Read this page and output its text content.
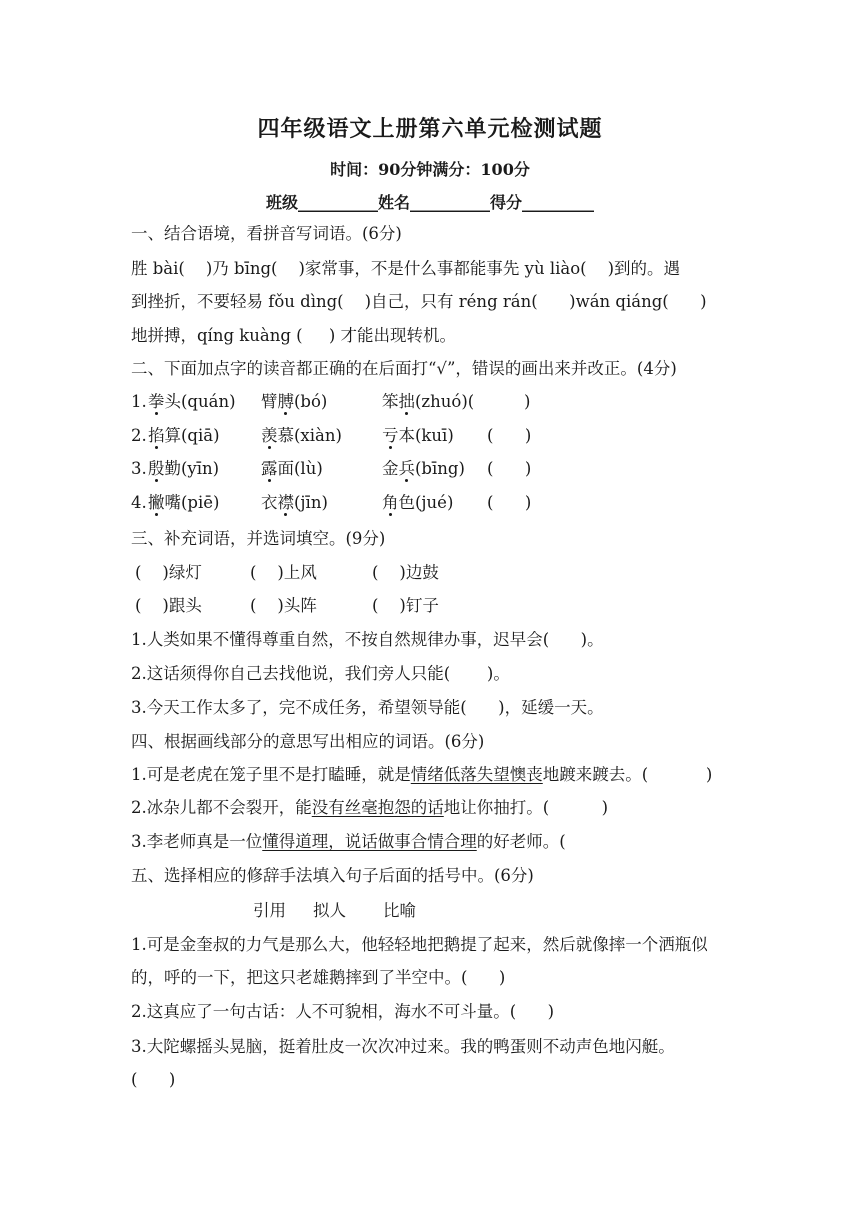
四年级语文上册第六单元检测试题
时间：90分钟满分：100分
班级__________姓名__________得分_________
一、结合语境，看拼音写词语。(6分)
胜 bài(    )乃 bīng(    )家常事，不是什么事都能事先 yù liào(    )到的。遇
到挫折，不要轻易 fǒu dìng(    )自己，只有 réng rán(      )wán qiáng(      )
地拼搏，qíng kuàng (     ) 才能出现转机。
二、下面加点字的读音都正确的在后面打“√”，错误的画出来并改正。(4分)
1. 拳头(quán) 臂膊(bó)	笨拙(zhuó)(	)
2. 掐算(qiā)	羡慕(xiàn) 亏本(kuī) (      )
3. 殷勤(yīn)	露面(lù)	金兵(bīng) (      )
4. 撇嘴(piē)	衣襟(jīn)	角色(jué) (      )
三、补充词语，并选词填空。(9分)
(    )绿灯	(    )上风	(    )边鼓
(    )跟头	(    )头阵	(    )钉子
1.人类如果不懂得尊重自然，不按自然规律办事，迟早会(      )。
2.这话须得你自己去找他说，我们旁人只能(       )。
3.今天工作太多了，完不成任务，希望领导能(      )，延缓一天。
四、根据画线部分的意思写出相应的词语。(6分)
1.可是老虎在笼子里不是打瞌睡，就是情绪低落失望懊丧地踱来踱去。(           )
2.冰杂儿都不会裂开，能没有丝毫抱怨的话地让你抽打。(          )
3.李老师真是一位懂得道理，说话做事合情合理的好老师。(
五、选择相应的修辞手法填入句子后面的括号中。(6分)
引用 拟人 比喻
1.可是金奎叔的力气是那么大，他轻轻地把鹅提了起来，然后就像摔一个洒瓶似
的，呼的一下，把这只老雄鹅摔到了半空中。(      )
2.这真应了一句古话：人不可貌相，海水不可斗量。(      )
3.大陀螺摇头晃脑，挺着肚皮一次次冲过来。我的鸭蛋则不动声色地闪艇。
(      )
